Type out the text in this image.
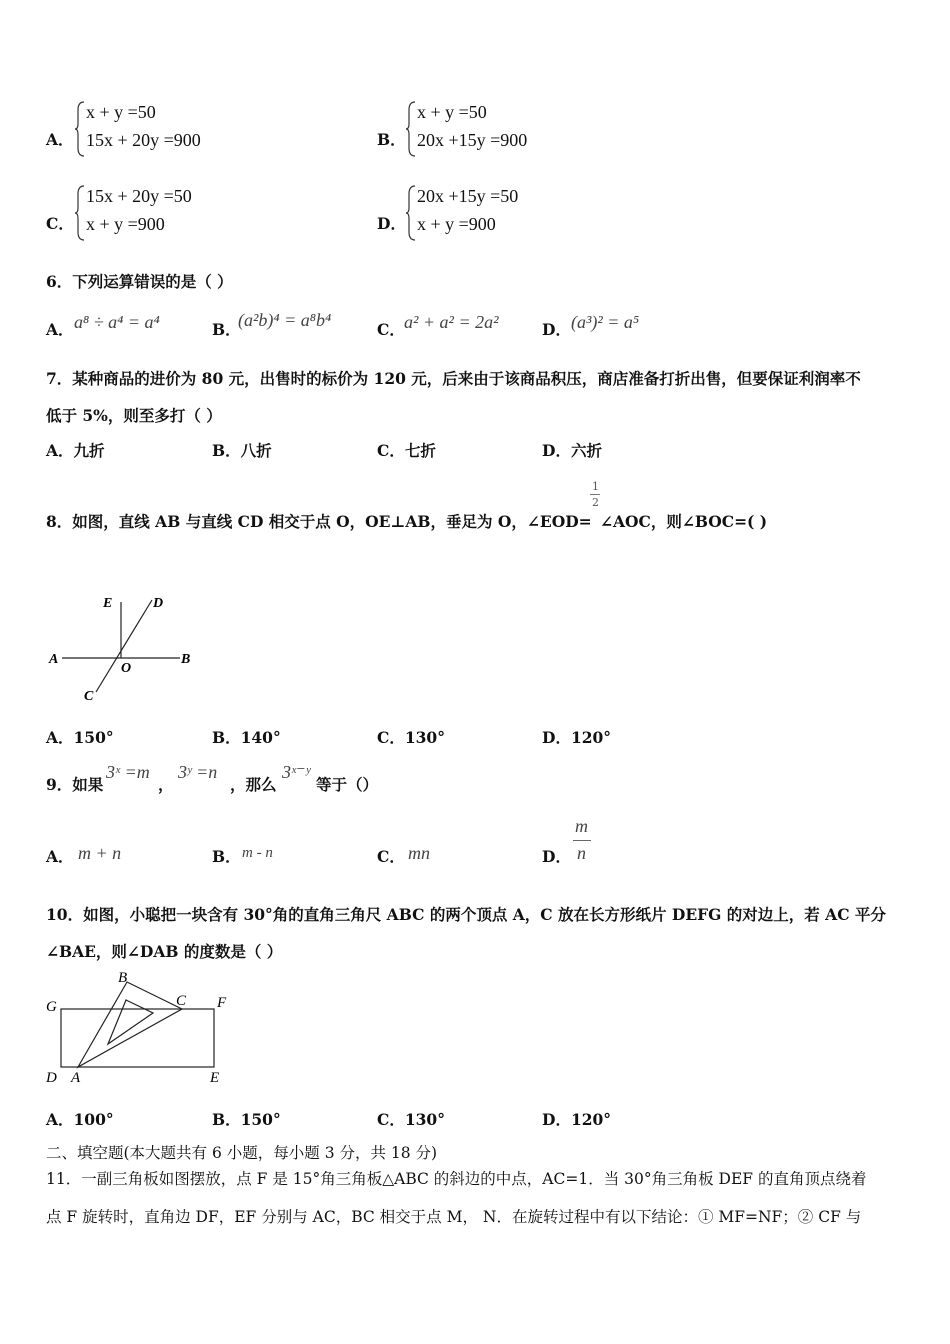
A．
x + y =50
15x + 20y =900	B．
x + y =50
20x +15y =900
C．
15x + 20y =50
x + y =900	D．
20x +15y =50
x + y =900
6．下列运算错误的是（ ）
A． a⁸ ÷ a⁴ = a⁴	B．
(a²b)⁴ = a⁸b⁴	C． a² + a² = 2a²	D． (a³)² = a⁵
7．某种商品的进价为 80 元，出售时的标价为 120 元，后来由于该商品积压，商店准备打折出售，但要保证利润率不
低于 5%，则至多打（ ）
A．九折	B．八折	C．七折	D．六折
8．如图，直线 AB 与直线 CD 相交于点 O，OE⊥AB，垂足为 O，∠EOD=
1
2
∠AOC，则∠BOC=( )
E	D
A
O
B
C
A．150°	B．140°	C．130°	D．120°
9．如果
3ˣ =m
，
3ʸ =n
，那么
3ˣ⁻ʸ
等于（）
A． m + n	B． m - n	C． mn	D．
m
n
10．如图，小聪把一块含有 30°角的直角三角尺 ABC 的两个顶点 A，C 放在长方形纸片 DEFG 的对边上，若 AC 平分
∠BAE，则∠DAB 的度数是（ ）
B
G	C F
D A	E
A．100°	B．150°	C．130°	D．120°
二、填空题(本大题共有 6 小题，每小题 3 分，共 18 分)
11．一副三角板如图摆放，点 F 是 15°角三角板△ABC 的斜边的中点，AC=1．当 30°角三角板 DEF 的直角顶点绕着
点 F 旋转时，直角边 DF，EF 分别与 AC，BC 相交于点 M， N．在旋转过程中有以下结论：① MF=NF；② CF 与
